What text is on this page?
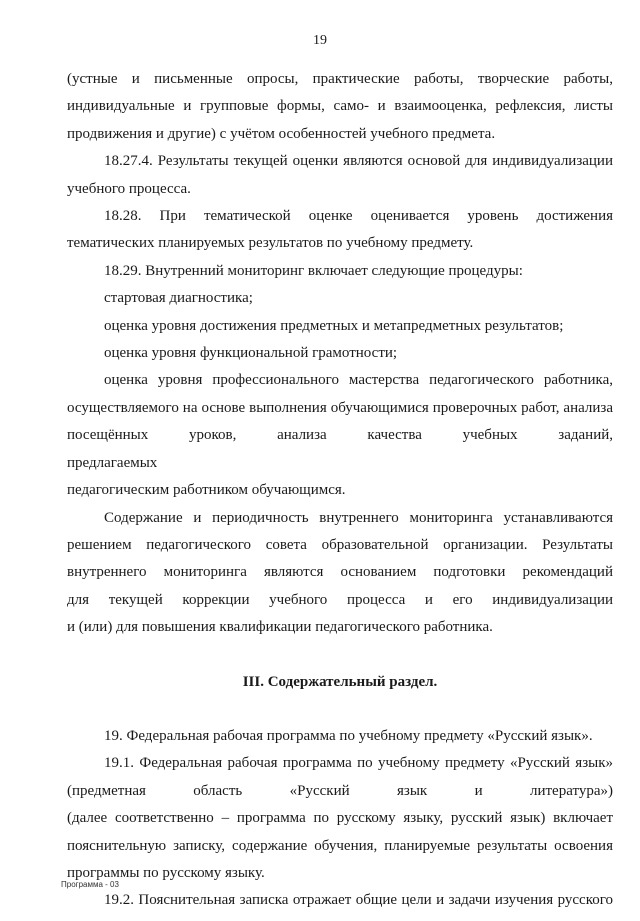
19

(устные и письменные опросы, практические работы, творческие работы,
индивидуальные и групповые формы, само- и взаимооценка, рефлексия, листы
продвижения и другие) с учётом особенностей учебного предмета.

18.27.4. Результаты текущей оценки являются основой для индивидуализации
учебного процесса.

18.28. При тематической оценке оценивается уровень достижения
тематических планируемых результатов по учебному предмету.

18.29. Внутренний мониторинг включает следующие процедуры:

стартовая диагностика;

оценка уровня достижения предметных и метапредметных результатов;

оценка уровня функциональной грамотности;

оценка уровня профессионального мастерства педагогического работника,
осуществляемого на основе выполнения обучающимися проверочных работ, анализа
посещённых уроков, анализа качества учебных заданий, предлагаемых
педагогическим работником обучающимся.

Содержание и периодичность внутреннего мониторинга устанавливаются
решением педагогического совета образовательной организации. Результаты
внутреннего мониторинга являются основанием подготовки рекомендаций
для текущей коррекции учебного процесса и его индивидуализации
и (или) для повышения квалификации педагогического работника.

III. Содержательный раздел.

19. Федеральная рабочая программа по учебному предмету «Русский язык».

19.1. Федеральная рабочая программа по учебному предмету «Русский язык»
(предметная область «Русский язык и литература»)
(далее соответственно – программа по русскому языку, русский язык) включает
пояснительную записку, содержание обучения, планируемые результаты освоения
программы по русскому языку.

19.2. Пояснительная записка отражает общие цели и задачи изучения русского

Программа - 03
